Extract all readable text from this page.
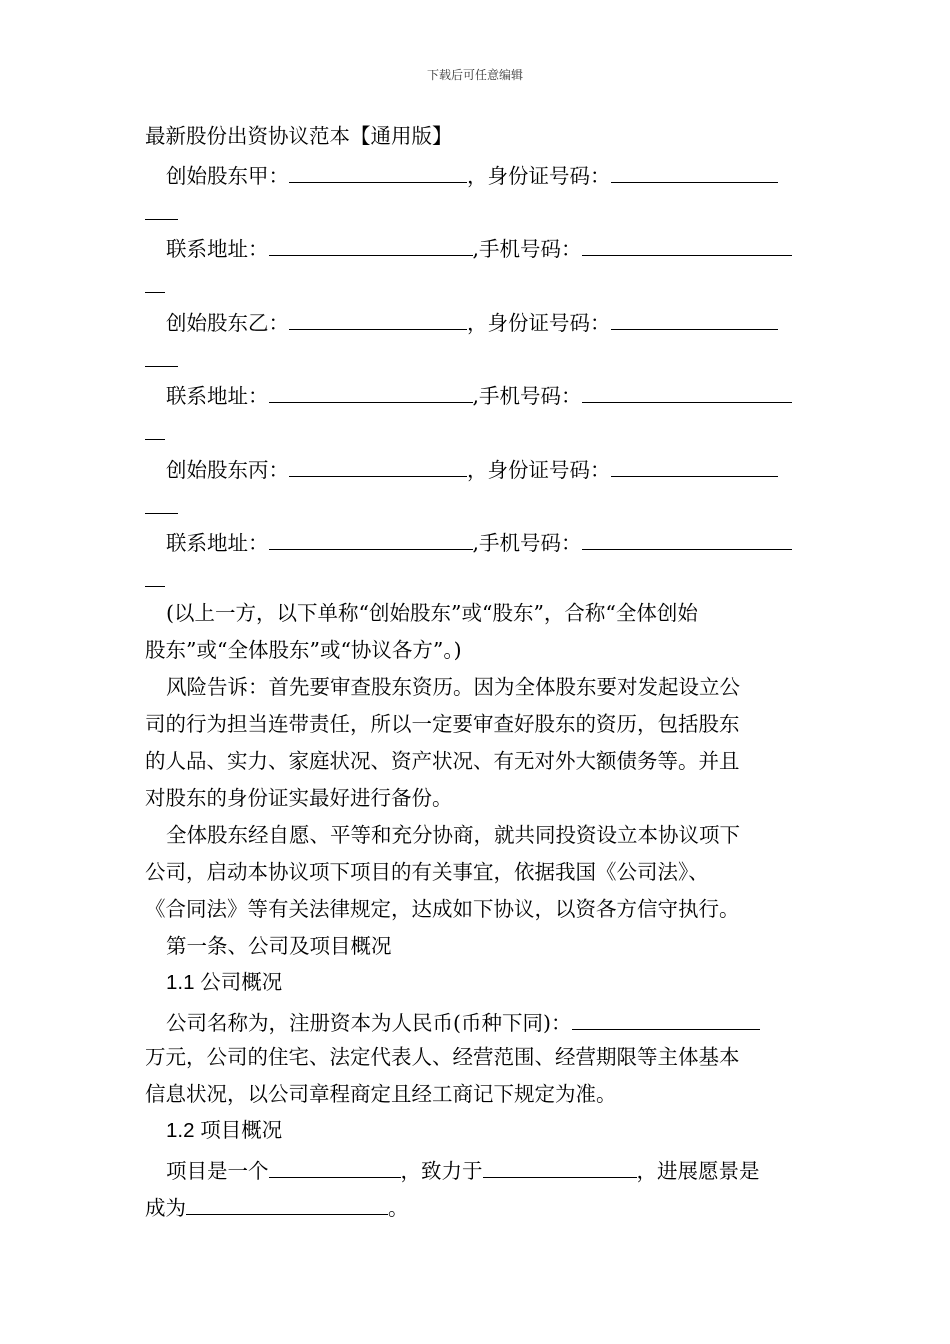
下载后可任意编辑
最新股份出资协议范本【通用版】
创始股东甲：	，身份证号码：
联系地址：	,手机号码：
创始股东乙：	，身份证号码：
联系地址：	,手机号码：
创始股东丙：	，身份证号码：
联系地址：	,手机号码：
(以上一方，以下单称“创始股东”或“股东”，合称“全体创始
股东”或“全体股东”或“协议各方”。)
风险告诉：首先要审查股东资历。因为全体股东要对发起设立公
司的行为担当连带责任，所以一定要审查好股东的资历，包括股东
的人品、实力、家庭状况、资产状况、有无对外大额债务等。并且
对股东的身份证实最好进行备份。
全体股东经自愿、平等和充分协商，就共同投资设立本协议项下
公司，启动本协议项下项目的有关事宜，依据我国《公司法》、
《合同法》等有关法律规定，达成如下协议，以资各方信守执行。
第一条、公司及项目概况
1.1 公司概况
公司名称为，注册资本为人民币(币种下同)：
万元，公司的住宅、法定代表人、经营范围、经营期限等主体基本
信息状况，以公司章程商定且经工商记下规定为准。
1.2 项目概况
项目是一个	，致力于	，进展愿景是
成为	。
